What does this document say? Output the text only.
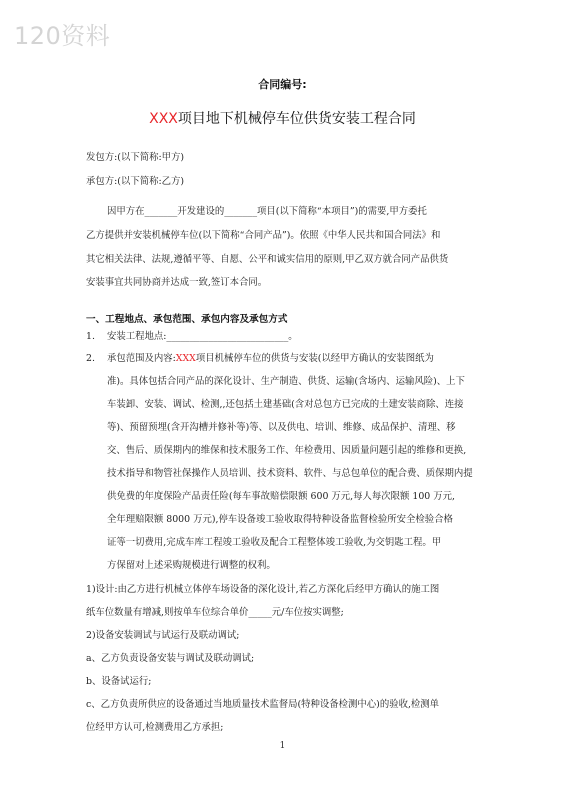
120资料
合同编号:
XXX项目地下机械停车位供货安装工程合同
发包方:(以下简称:甲方)
承包方:(以下简称:乙方)
因甲方在_______开发建设的_______项目(以下简称“本项目”)的需要,甲方委托
乙方提供并安装机械停车位(以下简称“合同产品”)。依照《中华人民共和国合同法》和
其它相关法律、法规,遵循平等、自愿、公平和诚实信用的原则,甲乙双方就合同产品供货
安装事宜共同协商并达成一致,签订本合同。
一、工程地点、承包范围、承包内容及承包方式
1. 安装工程地点:__________________________。
2. 承包范围及内容:XXX项目机械停车位的供货与安装(以经甲方确认的安装图纸为
准)。具体包括合同产品的深化设计、生产制造、供货、运输(含场内、运输风险)、上下
车装卸、安装、调试、检测,,还包括土建基础(含对总包方已完成的土建安装商除、连接
等)、预留预埋(含开沟槽并修补等)等、以及供电、培训、维修、成品保护、清理、移
交、售后、质保期内的维保和技术服务工作、年检费用、因质量问题引起的维修和更换,
技术指导和物管社保操作人员培训、技术资料、软件、与总包单位的配合费、质保期内提
供免费的年度保险产品责任险(每车事故赔偿限额 600 万元,每人每次限额 100 万元,
全年理赔限额 8000 万元),停车设备竣工验收取得特种设备监督检验所安全检验合格
证等一切费用,完成车库工程竣工验收及配合工程整体竣工验收,为交钥匙工程。甲
方保留对上述采购规模进行调整的权利。
1)设计:由乙方进行机械立体停车场设备的深化设计,若乙方深化后经甲方确认的施工图
纸车位数量有增减,则按单车位综合单价_____元/车位按实调整;
2)设备安装调试与试运行及联动调试;
a、乙方负责设备安装与调试及联动调试;
b、设备试运行;
c、乙方负责所供应的设备通过当地质量技术监督局(特种设备检测中心)的验收,检测单
位经甲方认可,检测费用乙方承担;
1
